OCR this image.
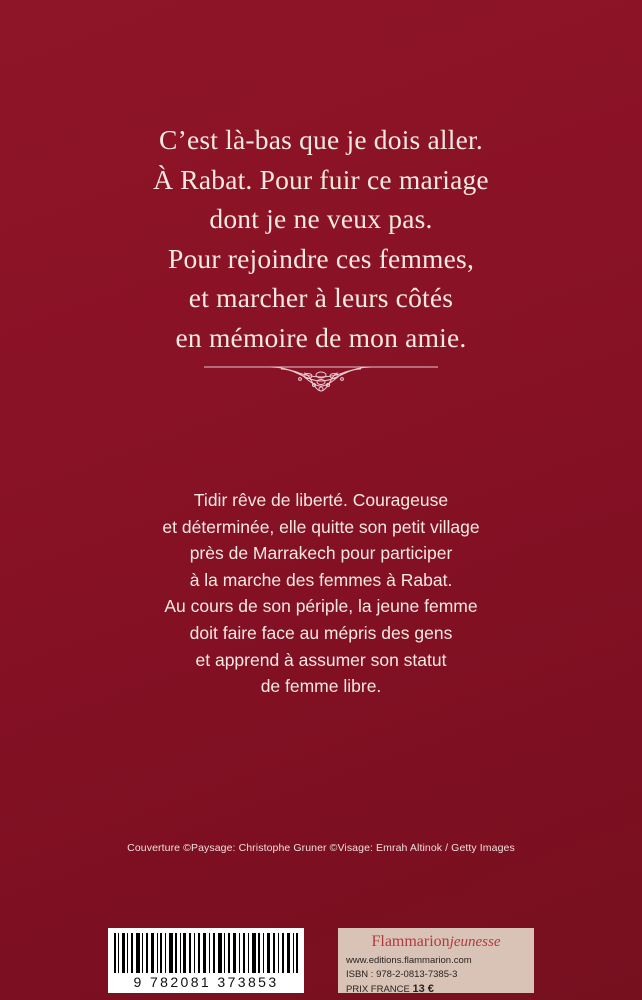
C’est là-bas que je dois aller.
À Rabat. Pour fuir ce mariage
dont je ne veux pas.
Pour rejoindre ces femmes,
et marcher à leurs côtés
en mémoire de mon amie.
Tidir rêve de liberté. Courageuse
et déterminée, elle quitte son petit village
près de Marrakech pour participer
à la marche des femmes à Rabat.
Au cours de son périple, la jeune femme
doit faire face au mépris des gens
et apprend à assumer son statut
de femme libre.
Couverture ©Paysage: Christophe Gruner ©Visage: Emrah Altinok / Getty Images
9 782081 373853
Flammarionjeunesse
www.editions.flammarion.com
ISBN : 978-2-0813-7385-3
PRIX FRANCE 13 €
